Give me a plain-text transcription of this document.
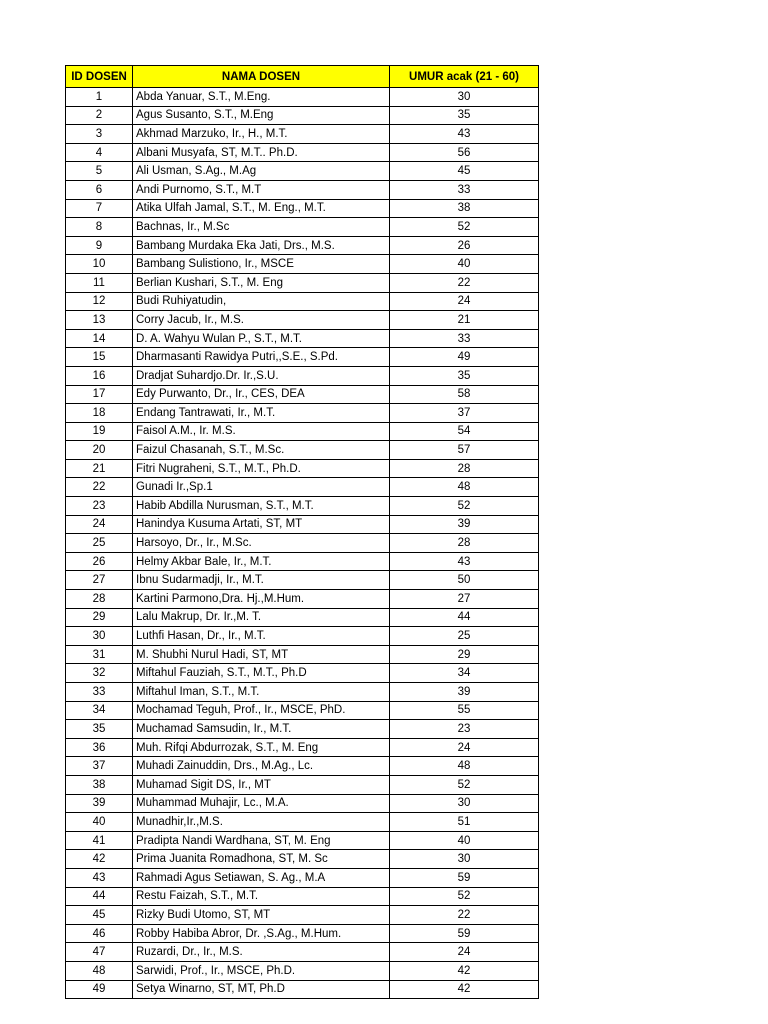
ID DOSEN	NAMA DOSEN	UMUR acak (21 - 60)
1	Abda Yanuar, S.T., M.Eng.	30
2	Agus Susanto, S.T., M.Eng	35
3	Akhmad Marzuko, Ir., H., M.T.	43
4	Albani Musyafa, ST, M.T.. Ph.D.	56
5	Ali Usman, S.Ag., M.Ag	45
6	Andi Purnomo, S.T., M.T	33
7	Atika Ulfah Jamal, S.T., M. Eng., M.T.	38
8	Bachnas, Ir., M.Sc	52
9	Bambang Murdaka Eka Jati, Drs., M.S.	26
10	Bambang Sulistiono, Ir., MSCE	40
11	Berlian Kushari, S.T., M. Eng	22
12	Budi Ruhiyatudin,	24
13	Corry Jacub, Ir., M.S.	21
14	D. A. Wahyu Wulan P., S.T., M.T.	33
15	Dharmasanti Rawidya Putri,,S.E., S.Pd.	49
16	Dradjat Suhardjo.Dr. Ir.,S.U.	35
17	Edy Purwanto, Dr., Ir., CES, DEA	58
18	Endang Tantrawati, Ir., M.T.	37
19	Faisol A.M., Ir. M.S.	54
20	Faizul Chasanah, S.T., M.Sc.	57
21	Fitri Nugraheni, S.T., M.T., Ph.D.	28
22	Gunadi Ir.,Sp.1	48
23	Habib Abdilla Nurusman, S.T., M.T.	52
24	Hanindya Kusuma Artati, ST, MT	39
25	Harsoyo, Dr., Ir., M.Sc.	28
26	Helmy Akbar Bale, Ir., M.T.	43
27	Ibnu Sudarmadji, Ir., M.T.	50
28	Kartini Parmono,Dra. Hj.,M.Hum.	27
29	Lalu Makrup, Dr. Ir.,M. T.	44
30	Luthfi Hasan, Dr., Ir., M.T.	25
31	M. Shubhi Nurul Hadi, ST, MT	29
32	Miftahul Fauziah, S.T., M.T., Ph.D	34
33	Miftahul Iman, S.T., M.T.	39
34	Mochamad Teguh, Prof., Ir., MSCE, PhD.	55
35	Muchamad Samsudin, Ir., M.T.	23
36	Muh. Rifqi Abdurrozak, S.T., M. Eng	24
37	Muhadi Zainuddin, Drs., M.Ag., Lc.	48
38	Muhamad Sigit DS, Ir., MT	52
39	Muhammad Muhajir, Lc., M.A.	30
40	Munadhir,Ir.,M.S.	51
41	Pradipta Nandi Wardhana, ST, M. Eng	40
42	Prima Juanita Romadhona, ST, M. Sc	30
43	Rahmadi Agus Setiawan, S. Ag., M.A	59
44	Restu Faizah, S.T., M.T.	52
45	Rizky Budi Utomo, ST, MT	22
46	Robby Habiba Abror, Dr. ,S.Ag., M.Hum.	59
47	Ruzardi, Dr., Ir., M.S.	24
48	Sarwidi, Prof., Ir., MSCE, Ph.D.	42
49	Setya Winarno, ST, MT, Ph.D	42
